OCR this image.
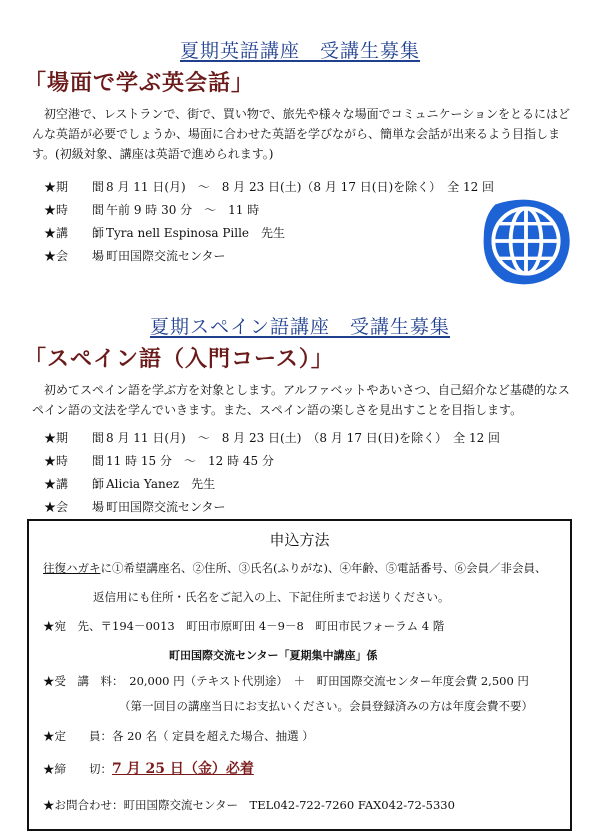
夏期英語講座　受講生募集
「場面で学ぶ英会話」
初空港で、レストランで、街で、買い物で、旅先や様々な場面でコミュニケーションをとるにはどんな英語が必要でしょうか、場面に合わせた英語を学びながら、簡単な会話が出来るよう目指します。(初級対象、講座は英語で進められます。)
★期　　間
：8 月 11 日(月)　～　8 月 23 日(土)（8 月 17 日(日)を除く）　全 12 回
★時　　間
：午前 9 時 30 分　～　11 時
★講　　師
：Tyra nell Espinosa Pille　先生
★会　　場
：町田国際交流センター
夏期スペイン語講座　受講生募集
「スペイン語（入門コース）」
初めてスペイン語を学ぶ方を対象とします。アルファベットやあいさつ、自己紹介など基礎的なスペイン語の文法を学んでいきます。また、スペイン語の楽しさを見出すことを目指します。
★期　　間
：8 月 11 日(月)　～　8 月 23 日(土)　（8 月 17 日(日)を除く）　全 12 回
★時　　間
：11 時 15 分　～　12 時 45 分
★講　　師
：Alicia Yanez　先生
★会　　場
：町田国際交流センター
申込方法
往復ハガキに①希望講座名、②住所、③氏名(ふりがな)、④年齢、⑤電話番号、⑥会員／非会員、
返信用にも住所・氏名をご記入の上、下記住所までお送りください。
★宛　先、〒194－0013　町田市原町田 4－9－8　町田市民フォーラム 4 階
町田国際交流センター「夏期集中講座」係
★受　講　料：　20,000 円（テキスト代別途）　＋　町田国際交流センター年度会費 2,500 円
（第一回目の講座当日にお支払いください。会員登録済みの方は年度会費不要）
★定　　員：各 20 名（ 定員を超えた場合、抽選 ）
★締　　切：7 月 25 日（金）必着
★お問合わせ：町田国際交流センター　TEL042-722-7260 FAX042-72-5330
